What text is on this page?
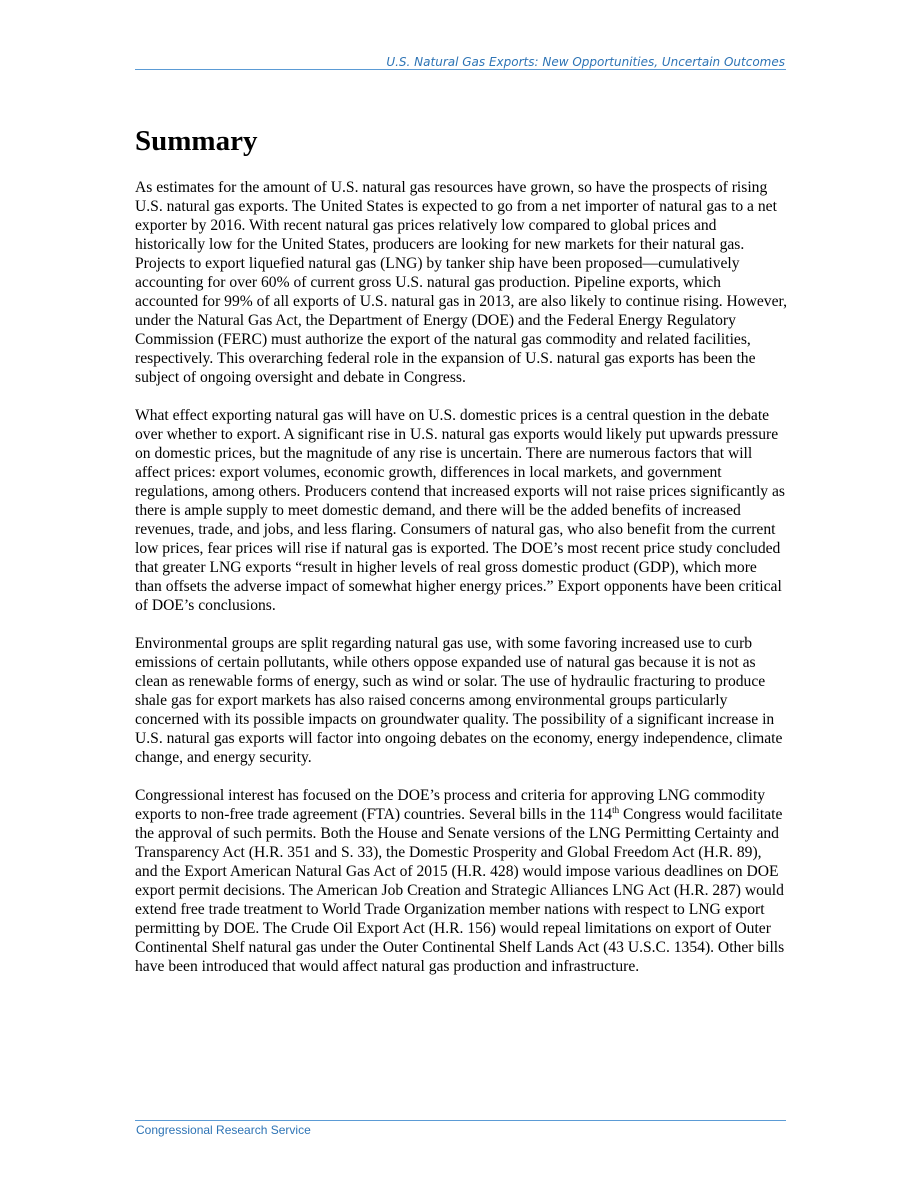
U.S. Natural Gas Exports: New Opportunities, Uncertain Outcomes
Summary

As estimates for the amount of U.S. natural gas resources have grown, so have the prospects of rising U.S. natural gas exports. The United States is expected to go from a net importer of natural gas to a net exporter by 2016. With recent natural gas prices relatively low compared to global prices and historically low for the United States, producers are looking for new markets for their natural gas. Projects to export liquefied natural gas (LNG) by tanker ship have been proposed—cumulatively accounting for over 60% of current gross U.S. natural gas production. Pipeline exports, which accounted for 99% of all exports of U.S. natural gas in 2013, are also likely to continue rising. However, under the Natural Gas Act, the Department of Energy (DOE) and the Federal Energy Regulatory Commission (FERC) must authorize the export of the natural gas commodity and related facilities, respectively. This overarching federal role in the expansion of U.S. natural gas exports has been the subject of ongoing oversight and debate in Congress.

What effect exporting natural gas will have on U.S. domestic prices is a central question in the debate over whether to export. A significant rise in U.S. natural gas exports would likely put upwards pressure on domestic prices, but the magnitude of any rise is uncertain. There are numerous factors that will affect prices: export volumes, economic growth, differences in local markets, and government regulations, among others. Producers contend that increased exports will not raise prices significantly as there is ample supply to meet domestic demand, and there will be the added benefits of increased revenues, trade, and jobs, and less flaring. Consumers of natural gas, who also benefit from the current low prices, fear prices will rise if natural gas is exported. The DOE’s most recent price study concluded that greater LNG exports “result in higher levels of real gross domestic product (GDP), which more than offsets the adverse impact of somewhat higher energy prices.” Export opponents have been critical of DOE’s conclusions.

Environmental groups are split regarding natural gas use, with some favoring increased use to curb emissions of certain pollutants, while others oppose expanded use of natural gas because it is not as clean as renewable forms of energy, such as wind or solar. The use of hydraulic fracturing to produce shale gas for export markets has also raised concerns among environmental groups particularly concerned with its possible impacts on groundwater quality. The possibility of a significant increase in U.S. natural gas exports will factor into ongoing debates on the economy, energy independence, climate change, and energy security.

Congressional interest has focused on the DOE’s process and criteria for approving LNG commodity exports to non-free trade agreement (FTA) countries. Several bills in the 114th Congress would facilitate the approval of such permits. Both the House and Senate versions of the LNG Permitting Certainty and Transparency Act (H.R. 351 and S. 33), the Domestic Prosperity and Global Freedom Act (H.R. 89), and the Export American Natural Gas Act of 2015 (H.R. 428) would impose various deadlines on DOE export permit decisions. The American Job Creation and Strategic Alliances LNG Act (H.R. 287) would extend free trade treatment to World Trade Organization member nations with respect to LNG export permitting by DOE. The Crude Oil Export Act (H.R. 156) would repeal limitations on export of Outer Continental Shelf natural gas under the Outer Continental Shelf Lands Act (43 U.S.C. 1354). Other bills have been introduced that would affect natural gas production and infrastructure.

Congressional Research Service
